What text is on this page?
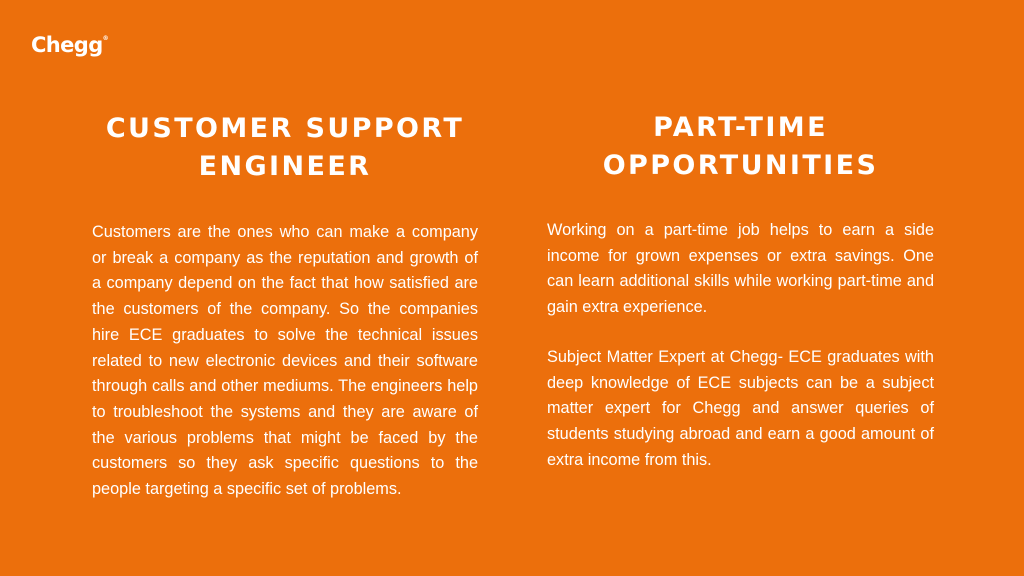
Chegg®
CUSTOMER SUPPORT
ENGINEER

Customers are the ones who can make a company or break a company as the reputation and growth of a company depend on the fact that how satisfied are the customers of the company. So the companies hire ECE graduates to solve the technical issues related to new electronic devices and their software through calls and other mediums. The engineers help to troubleshoot the systems and they are aware of the various problems that might be faced by the customers so they ask specific questions to the people targeting a specific set of problems.

PART-TIME
OPPORTUNITIES

Working on a part-time job helps to earn a side income for grown expenses or extra savings. One can learn additional skills while working part-time and gain extra experience.

Subject Matter Expert at Chegg- ECE graduates with deep knowledge of ECE subjects can be a subject matter expert for Chegg and answer queries of students studying abroad and earn a good amount of extra income from this.
